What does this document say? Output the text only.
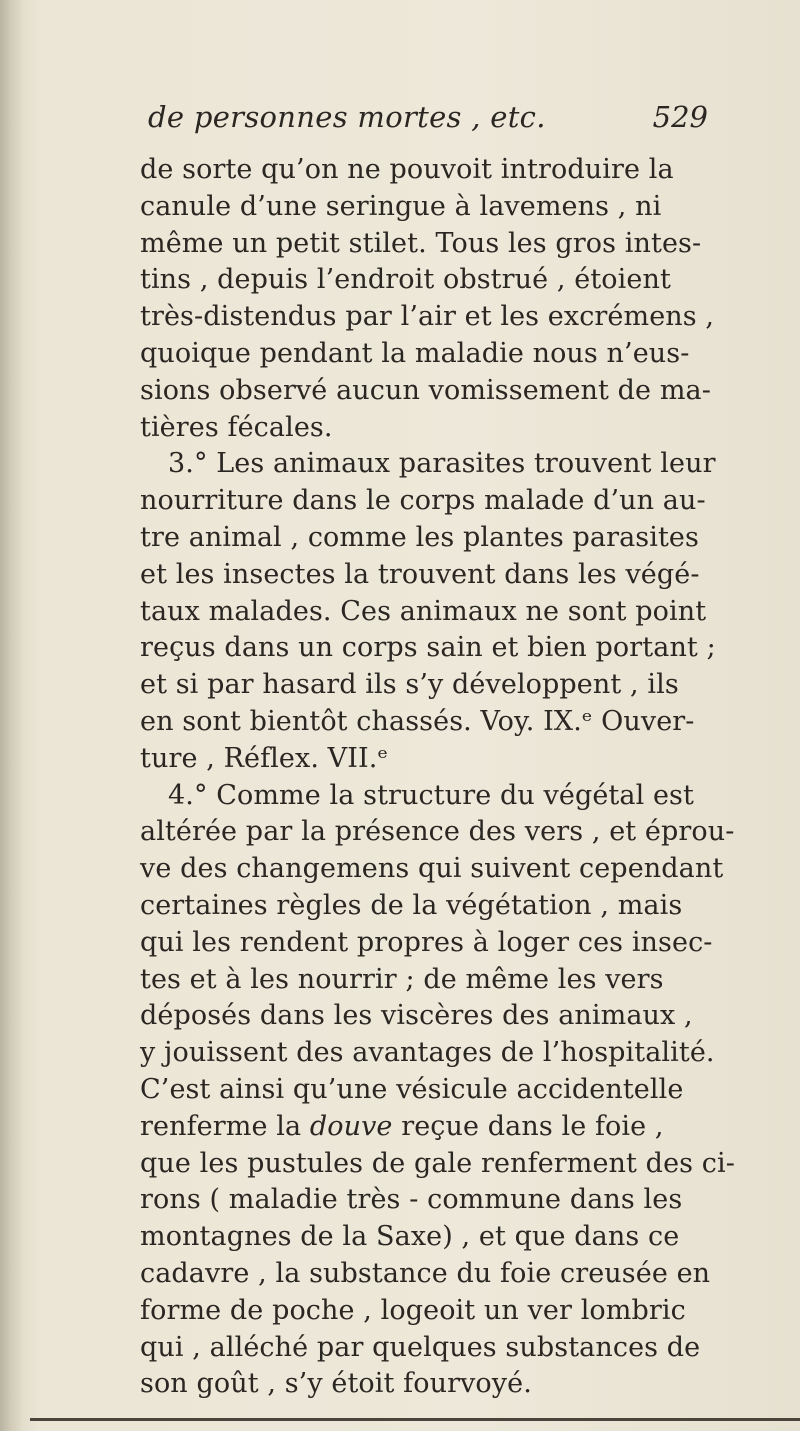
de personnes mortes , etc.	529
de sorte qu’on ne pouvoit introduire la
canule d’une seringue à lavemens , ni
même un petit stilet. Tous les gros intes-
tins , depuis l’endroit obstrué , étoient
très-distendus par l’air et les excrémens ,
quoique pendant la maladie nous n’eus-
sions observé aucun vomissement de ma-
tières fécales.
3.° Les animaux parasites trouvent leur
nourriture dans le corps malade d’un au-
tre animal , comme les plantes parasites
et les insectes la trouvent dans les végé-
taux malades. Ces animaux ne sont point
reçus dans un corps sain et bien portant ;
et si par hasard ils s’y développent , ils
en sont bientôt chassés. Voy. IX.ᵉ Ouver-
ture , Réflex. VII.ᵉ
4.° Comme la structure du végétal est
altérée par la présence des vers , et éprou-
ve des changemens qui suivent cependant
certaines règles de la végétation , mais
qui les rendent propres à loger ces insec-
tes et à les nourrir ; de même les vers
déposés dans les viscères des animaux ,
y jouissent des avantages de l’hospitalité.
C’est ainsi qu’une vésicule accidentelle
renferme la douve reçue dans le foie ,
que les pustules de gale renferment des ci-
rons ( maladie très - commune dans les
montagnes de la Saxe) , et que dans ce
cadavre , la substance du foie creusée en
forme de poche , logeoit un ver lombric
qui , alléché par quelques substances de
son goût , s’y étoit fourvoyé.
